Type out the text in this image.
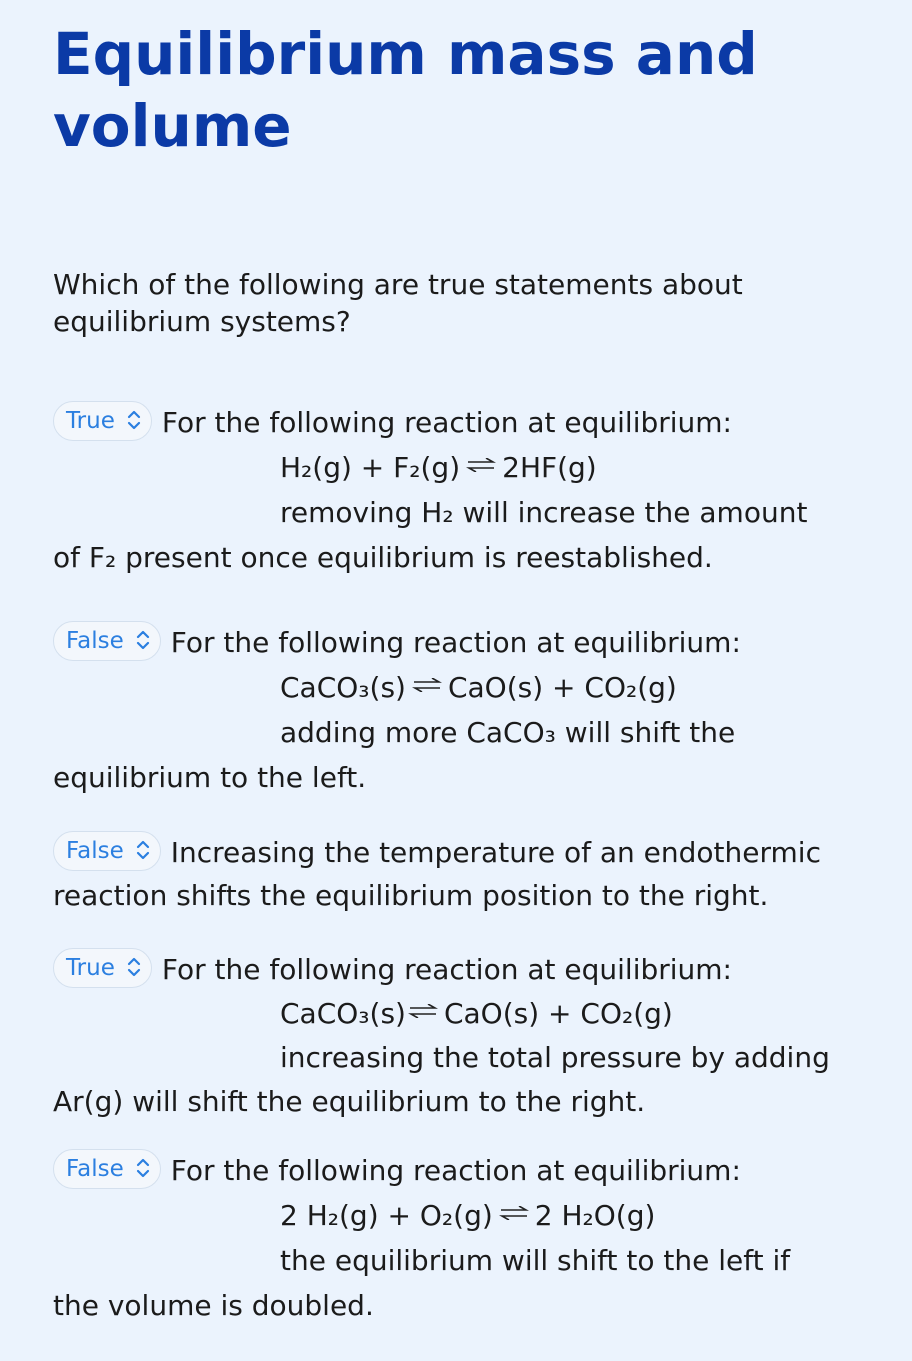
Equilibrium mass and volume
Which of the following are true statements about equilibrium systems?
True For the following reaction at equilibrium:
H₂(g) + F₂(g) ⇌ 2HF(g)
removing H₂ will increase the amount
of F₂ present once equilibrium is reestablished.
False For the following reaction at equilibrium:
CaCO₃(s) ⇌ CaO(s) + CO₂(g)
adding more CaCO₃ will shift the
equilibrium to the left.
False Increasing the temperature of an endothermic
reaction shifts the equilibrium position to the right.
True For the following reaction at equilibrium:
CaCO₃(s) ⇌ CaO(s) + CO₂(g)
increasing the total pressure by adding
Ar(g) will shift the equilibrium to the right.
False For the following reaction at equilibrium:
2 H₂(g) + O₂(g) ⇌ 2 H₂O(g)
the equilibrium will shift to the left if
the volume is doubled.
